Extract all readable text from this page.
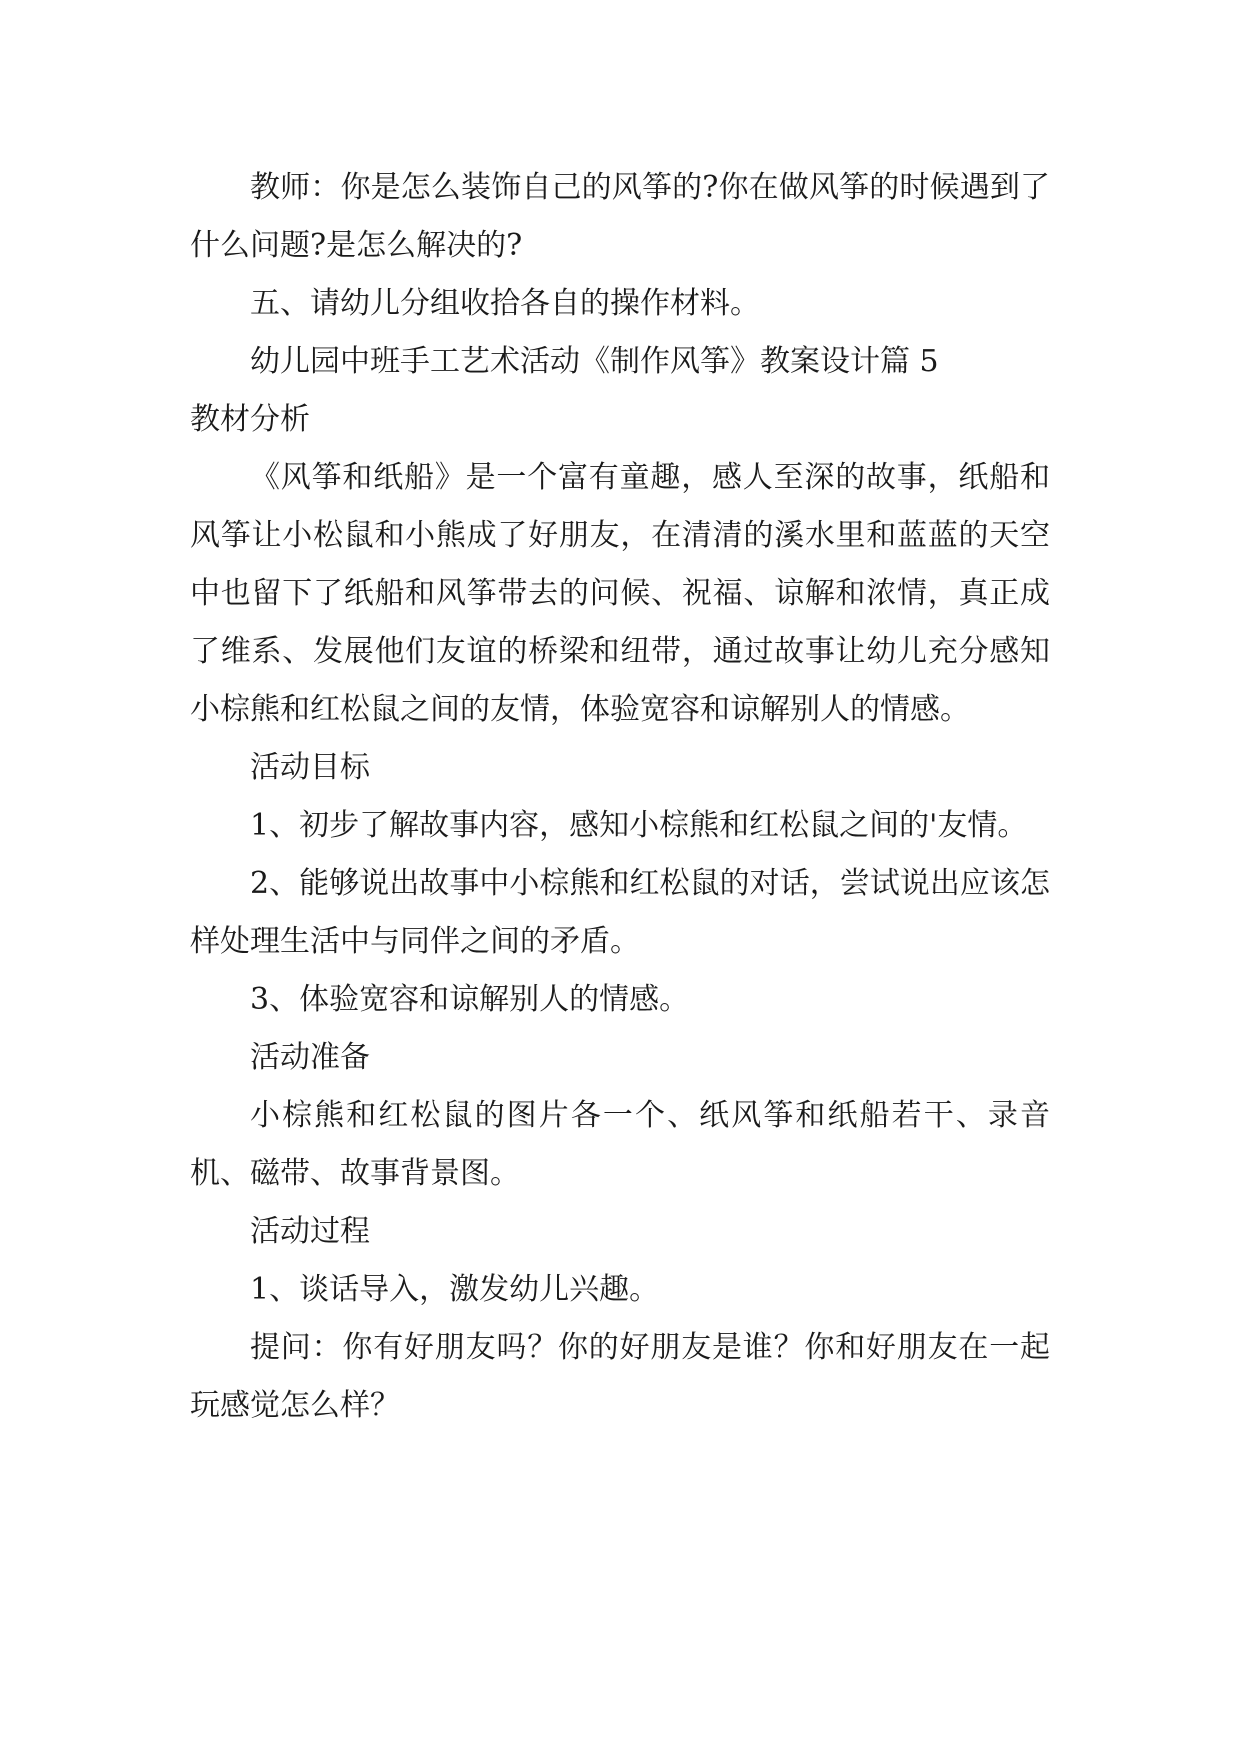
教师：你是怎么装饰自己的风筝的?你在做风筝的时候遇到了什么问题?是怎么解决的?

五、请幼儿分组收拾各自的操作材料。

幼儿园中班手工艺术活动《制作风筝》教案设计篇 5

教材分析

《风筝和纸船》是一个富有童趣，感人至深的故事，纸船和风筝让小松鼠和小熊成了好朋友，在清清的溪水里和蓝蓝的天空中也留下了纸船和风筝带去的问候、祝福、谅解和浓情，真正成了维系、发展他们友谊的桥梁和纽带，通过故事让幼儿充分感知小棕熊和红松鼠之间的友情，体验宽容和谅解别人的情感。

活动目标

1、初步了解故事内容，感知小棕熊和红松鼠之间的'友情。

2、能够说出故事中小棕熊和红松鼠的对话，尝试说出应该怎样处理生活中与同伴之间的矛盾。

3、体验宽容和谅解别人的情感。

活动准备

小棕熊和红松鼠的图片各一个、纸风筝和纸船若干、录音机、磁带、故事背景图。

活动过程

1、谈话导入，激发幼儿兴趣。

提问：你有好朋友吗？你的好朋友是谁？你和好朋友在一起玩感觉怎么样？
